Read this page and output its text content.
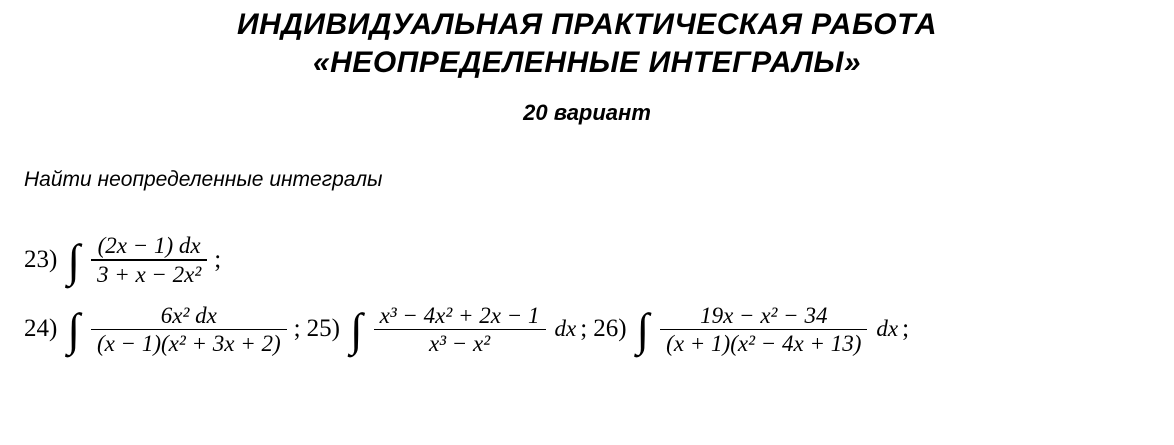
ИНДИВИДУАЛЬНАЯ ПРАКТИЧЕСКАЯ РАБОТА
«НЕОПРЕДЕЛЕННЫЕ ИНТЕГРАЛЫ»
20 вариант
Найти неопределенные интегралы
23) ∫ $\frac{(2x - 1) dx}{\text{3 + x − 2x²}}$ ;
24) ∫ $\frac{\text{6x² dx}}{\text{(x − 1)(x² + 3x + 2)}}$ ; 25) ∫ $\frac{\text{x³ − 4x² + 2x − 1}}{\text{x³ − x²}}$ dx ; 26) ∫ $\frac{\text{19x − x² − 34}}{\text{(x + 1)(x² − 4x + 13)}}$ dx ;
